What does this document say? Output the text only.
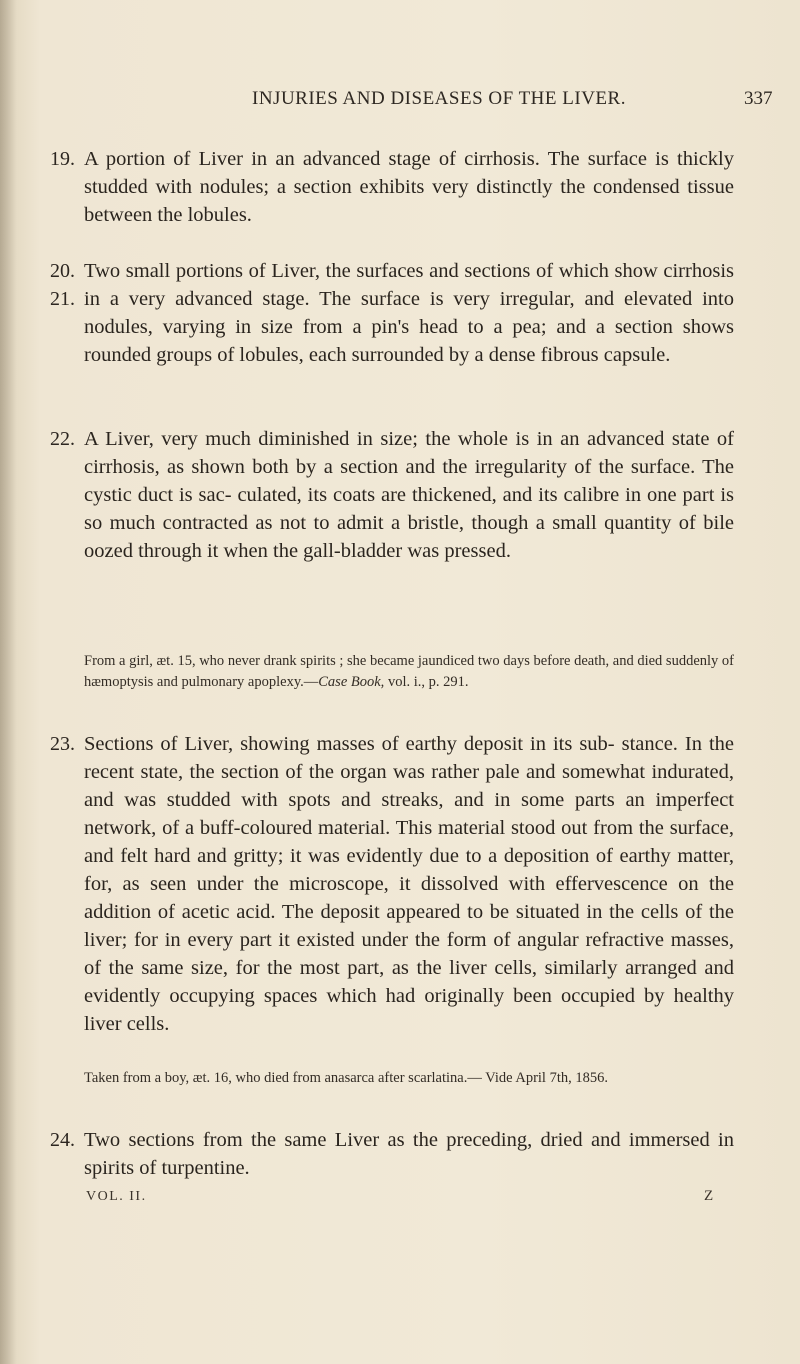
INJURIES AND DISEASES OF THE LIVER.	337
19. A portion of Liver in an advanced stage of cirrhosis. The surface is thickly studded with nodules; a section exhibits very distinctly the condensed tissue between the lobules.
20.
21.
Two small portions of Liver, the surfaces and sections of which show cirrhosis in a very advanced stage. The surface is very irregular, and elevated into nodules, varying in size from a pin's head to a pea; and a section shows rounded groups of lobules, each surrounded by a dense fibrous capsule.
22. A Liver, very much diminished in size; the whole is in an advanced state of cirrhosis, as shown both by a section and the irregularity of the surface. The cystic duct is sac- culated, its coats are thickened, and its calibre in one part is so much contracted as not to admit a bristle, though a small quantity of bile oozed through it when the gall-bladder was pressed.
From a girl, æt. 15, who never drank spirits ; she became jaundiced two days before death, and died suddenly of hæmoptysis and pulmonary apoplexy.—Case Book, vol. i., p. 291.
23. Sections of Liver, showing masses of earthy deposit in its sub- stance. In the recent state, the section of the organ was rather pale and somewhat indurated, and was studded with spots and streaks, and in some parts an imperfect network, of a buff-coloured material. This material stood out from the surface, and felt hard and gritty; it was evidently due to a deposition of earthy matter, for, as seen under the microscope, it dissolved with effervescence on the addition of acetic acid. The deposit appeared to be situated in the cells of the liver; for in every part it existed under the form of angular refractive masses, of the same size, for the most part, as the liver cells, similarly arranged and evidently occupying spaces which had originally been occupied by healthy liver cells.
Taken from a boy, æt. 16, who died from anasarca after scarlatina.— Vide April 7th, 1856.
24. Two sections from the same Liver as the preceding, dried and immersed in spirits of turpentine.
VOL. II.	Z
